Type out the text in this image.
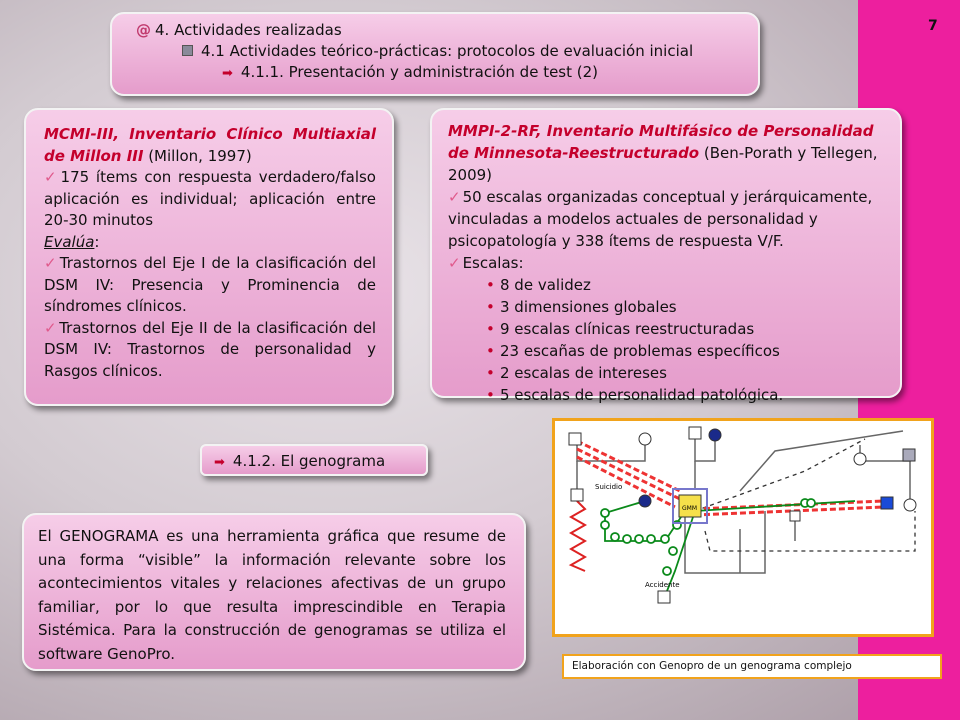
7
@ 4. Actividades realizadas
4.1 Actividades teórico-prácticas: protocolos de evaluación inicial
➡ 4.1.1. Presentación y administración de test (2)

MCMI-III, Inventario Clínico Multiaxial de Millon III (Millon, 1997)

✓ 175 ítems con respuesta verdadero/falso aplicación es individual; aplicación entre 20-30 minutos

Evalúa:

✓ Trastornos del Eje I de la clasificación del DSM IV: Presencia y Prominencia de síndromes clínicos.

✓ Trastornos del Eje II de la clasificación del DSM IV: Trastornos de personalidad y Rasgos clínicos.

MMPI-2-RF, Inventario Multifásico de Personalidad de Minnesota-Reestructurado (Ben-Porath y Tellegen, 2009)

✓ 50 escalas organizadas conceptual y jerárquicamente, vinculadas a modelos actuales de personalidad y psicopatología y 338 ítems de respuesta V/F.

✓ Escalas:

• 8 de validez
• 3 dimensiones globales
• 9 escalas clínicas reestructuradas
• 23 escañas de problemas específicos
• 2 escalas de intereses
• 5 escalas de personalidad patológica.
➡ 4.1.2. El genograma

El GENOGRAMA es una herramienta gráfica que resume de una forma “visible” la información relevante sobre los acontecimientos vitales y relaciones afectivas de un grupo familiar, por lo que resulta imprescindible en Terapia Sistémica. Para la construcción de genogramas se utiliza el software GenoPro.

Suicidio
Accidente
GMM
Elaboración con Genopro de un genograma complejo
